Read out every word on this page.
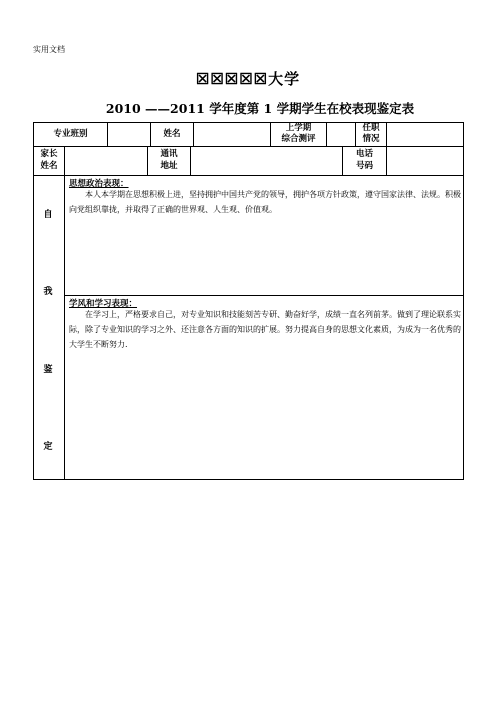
实用文档
☒☒☒☒☒大学
2010 ——2011 学年度第 1 学期学生在校表现鉴定表
专业班别	姓名
上学期
综合测评
任职
情况
家长
姓名
通讯
地址
电话
号码
自
我
鉴
定
思想政治表现：
本人本学期在思想积极上进，坚持拥护中国共产党的领导，拥护各项方针政策，遵守国家法律、法规。积极向党组织靠拢，并取得了正确的世界观、人生观、价值观。
学风和学习表现：
在学习上，严格要求自己，对专业知识和技能刻苦专研、勤奋好学，成绩一直名列前茅。做到了理论联系实际，除了专业知识的学习之外、还注意各方面的知识的扩展。努力提高自身的思想文化素质，为成为一名优秀的大学生不断努力.
